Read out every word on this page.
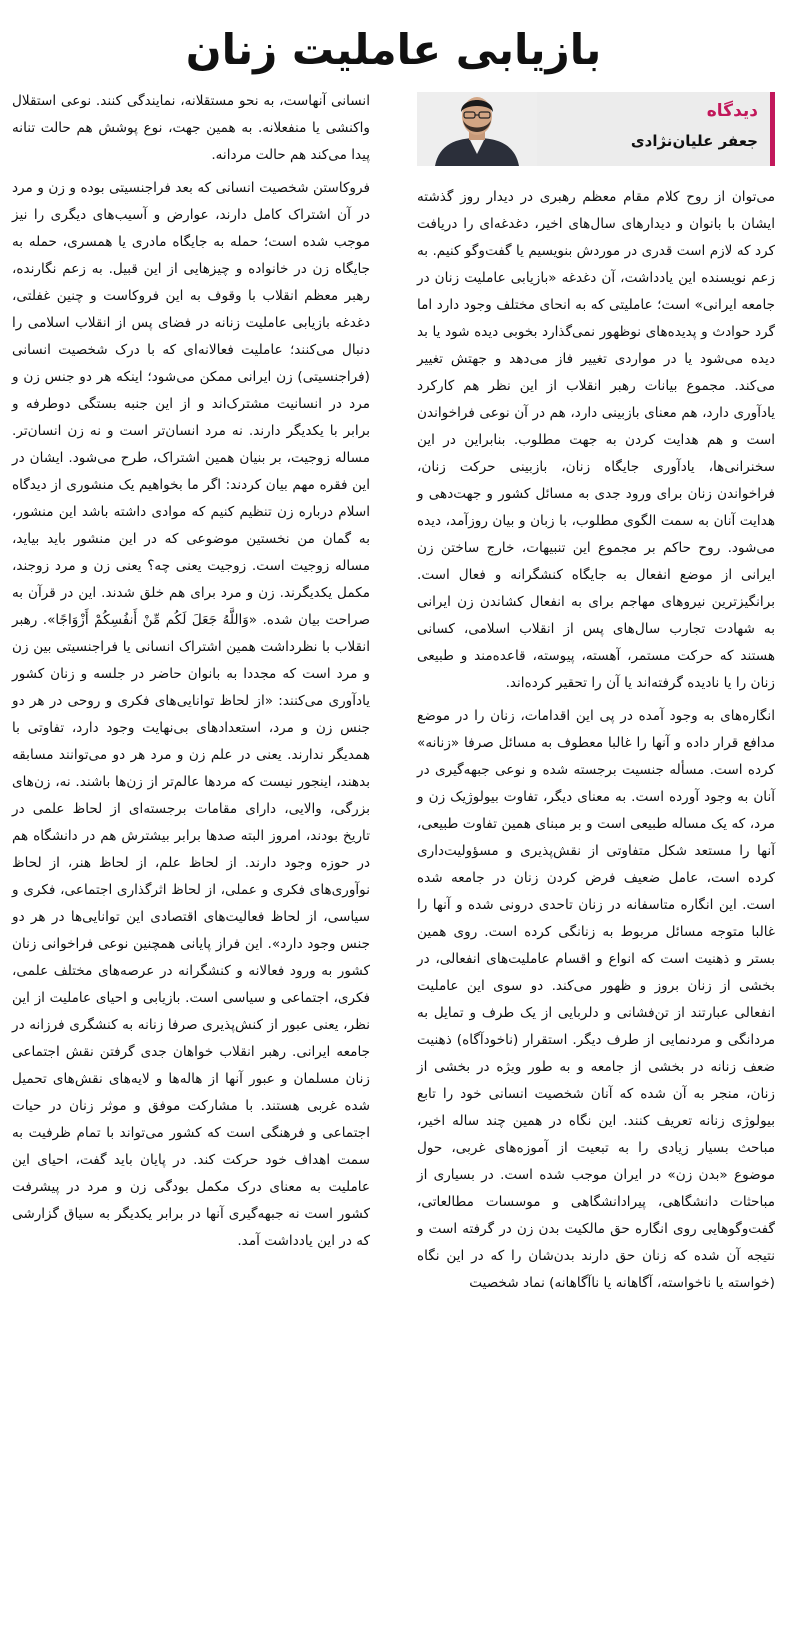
بازیابی عاملیت زنان
دیدگاه
جعفر علیان‌نژادی

می‌توان از روح کلام مقام معظم رهبری در دیدار روز گذشته ایشان با بانوان و دیدارهای سال‌های اخیر، دغدغه‌ای را دریافت کرد که لازم است قدری در موردش بنویسیم یا گفت‌وگو کنیم. به زعم نویسنده این یادداشت، آن دغدغه «بازیابی عاملیت زنان در جامعه ایرانی» است؛ عاملیتی که به انحای مختلف وجود دارد اما گرد حوادث و پدیده‌های نوظهور نمی‌گذارد بخوبی دیده شود یا بد دیده می‌شود یا در مواردی تغییر فاز می‌دهد و جهتش تغییر می‌کند. مجموع بیانات رهبر انقلاب از این نظر هم کارکرد یادآوری دارد، هم معنای بازبینی دارد، هم در آن نوعی فراخواندن است و هم هدایت کردن به جهت مطلوب. بنابراین در این سخنرانی‌ها، یادآوری جایگاه زنان، بازبینی حرکت زنان، فراخواندن زنان برای ورود جدی به مسائل کشور و جهت‌دهی و هدایت آنان به سمت الگوی مطلوب، با زبان و بیان روزآمد، دیده می‌شود. روح حاکم بر مجموع این تنبیهات، خارج ساختن زن ایرانی از موضع انفعال به جایگاه کنشگرانه و فعال است. برانگیزترین نیروهای مهاجم برای به انفعال کشاندن زن ایرانی به شهادت تجارب سال‌های پس از انقلاب اسلامی، کسانی هستند که حرکت مستمر، آهسته، پیوسته، قاعده‌مند و طبیعی زنان را یا نادیده گرفته‌اند یا آن را تحقیر کرده‌اند.

انگاره‌های به وجود آمده در پی این اقدامات، زنان را در موضع مدافع قرار داده و آنها را غالبا معطوف به مسائل صرفا «زنانه» کرده است. مسأله جنسیت برجسته شده و نوعی جبهه‌گیری در آنان به وجود آورده است. به معنای دیگر، تفاوت بیولوژیک زن و مرد، که یک مساله طبیعی است و بر مبنای همین تفاوت طبیعی، آنها را مستعد شکل متفاوتی از نقش‌پذیری و مسؤولیت‌داری کرده است، عامل ضعیف فرض کردن زنان در جامعه شده است. این انگاره متاسفانه در زنان تاحدی درونی شده و آنها را غالبا متوجه مسائل مربوط به زنانگی کرده است. روی همین بستر و ذهنیت است که انواع و اقسام عاملیت‌های انفعالی، در بخشی از زنان بروز و ظهور می‌کند. دو سوی این عاملیت انفعالی عبارتند از تن‌فشانی و دلربایی از یک طرف و تمایل به مردانگی و مردنمایی از طرف دیگر. استقرار (ناخودآگاه) ذهنیت ضعف زنانه در بخشی از جامعه و به طور ویژه در بخشی از زنان، منجر به آن شده که آنان شخصیت انسانی خود را تابع بیولوژی زنانه تعریف کنند. این نگاه در همین چند ساله اخیر، مباحث بسیار زیادی را به تبعیت از آموزه‌های غربی، حول موضوع «بدن زن» در ایران موجب شده است. در بسیاری از مباحثات دانشگاهی، پیرادانشگاهی و موسسات مطالعاتی، گفت‌وگوهایی روی انگاره حق مالکیت بدن زن در گرفته است و نتیجه آن شده که زنان حق دارند بدن‌شان را که در این نگاه (خواسته یا ناخواسته، آگاهانه یا ناآگاهانه) نماد شخصیت

انسانی آنهاست، به نحو مستقلانه، نمایندگی کنند. نوعی استقلال واکنشی یا منفعلانه. به همین جهت، نوع پوشش هم حالت تنانه پیدا می‌کند هم حالت مردانه.

فروکاستن شخصیت انسانی که بعد فراجنسیتی بوده و زن و مرد در آن اشتراک کامل دارند، عوارض و آسیب‌های دیگری را نیز موجب شده است؛ حمله به جایگاه مادری یا همسری، حمله به جایگاه زن در خانواده و چیزهایی از این قبیل. به زعم نگارنده، رهبر معظم انقلاب با وقوف به این فروکاست و چنین غفلتی، دغدغه بازیابی عاملیت زنانه در فضای پس از انقلاب اسلامی را دنبال می‌کنند؛ عاملیت فعالانه‌ای که با درک شخصیت انسانی (فراجنسیتی) زن ایرانی ممکن می‌شود؛ اینکه هر دو جنس زن و مرد در انسانیت مشترک‌اند و از این جنبه بستگی دوطرفه و برابر با یکدیگر دارند. نه مرد انسان‌تر است و نه زن انسان‌تر. مساله زوجیت، بر بنیان همین اشتراک، طرح می‌شود. ایشان در این فقره مهم بیان کردند: اگر ما بخواهیم یک منشوری از دیدگاه اسلام درباره زن تنظیم کنیم که موادی داشته باشد این منشور، به گمان من نخستین موضوعی که در این منشور باید بیاید، مساله زوجیت است. زوجیت یعنی چه؟ یعنی زن و مرد زوجند، مکمل یکدیگرند. زن و مرد برای هم خلق شدند. این در قرآن به صراحت بیان شده. «وَاللَّهُ جَعَلَ لَكُم مِّنْ أَنفُسِكُمْ أَزْوَاجًا». رهبر انقلاب با نظرداشت همین اشتراک انسانی یا فراجنسیتی بین زن و مرد است که مجددا به بانوان حاضر در جلسه و زنان کشور یادآوری می‌کنند: «از لحاظ توانایی‌های فکری و روحی در هر دو جنس زن و مرد، استعدادهای بی‌نهایت وجود دارد، تفاوتی با همدیگر ندارند. یعنی در علم زن و مرد هر دو می‌توانند مسابقه بدهند، اینجور نیست که مردها عالم‌تر از زن‌ها باشند. نه، زن‌های بزرگی، والایی، دارای مقامات برجسته‌ای از لحاظ علمی در تاریخ بودند، امروز البته صدها برابر بیشترش هم در دانشگاه هم در حوزه وجود دارند. از لحاظ علم، از لحاظ هنر، از لحاظ نوآوری‌های فکری و عملی، از لحاظ اثرگذاری اجتماعی، فکری و سیاسی، از لحاظ فعالیت‌های اقتصادی این توانایی‌ها در هر دو جنس وجود دارد». این فراز پایانی همچنین نوعی فراخوانی زنان کشور به ورود فعالانه و کنشگرانه در عرصه‌های مختلف علمی، فکری، اجتماعی و سیاسی است. بازیابی و احیای عاملیت از این نظر، یعنی عبور از کنش‌پذیری صرفا زنانه به کنشگری فرزانه در جامعه ایرانی. رهبر انقلاب خواهان جدی گرفتن نقش اجتماعی زنان مسلمان و عبور آنها از هاله‌ها و لایه‌های نقش‌های تحمیل شده غربی هستند. با مشارکت موفق و موثر زنان در حیات اجتماعی و فرهنگی است که کشور می‌تواند با تمام ظرفیت به سمت اهداف خود حرکت کند. در پایان باید گفت، احیای این عاملیت به معنای درک مکمل بودگی زن و مرد در پیشرفت کشور است نه جبهه‌گیری آنها در برابر یکدیگر به سیاق گزارشی که در این یادداشت آمد.
